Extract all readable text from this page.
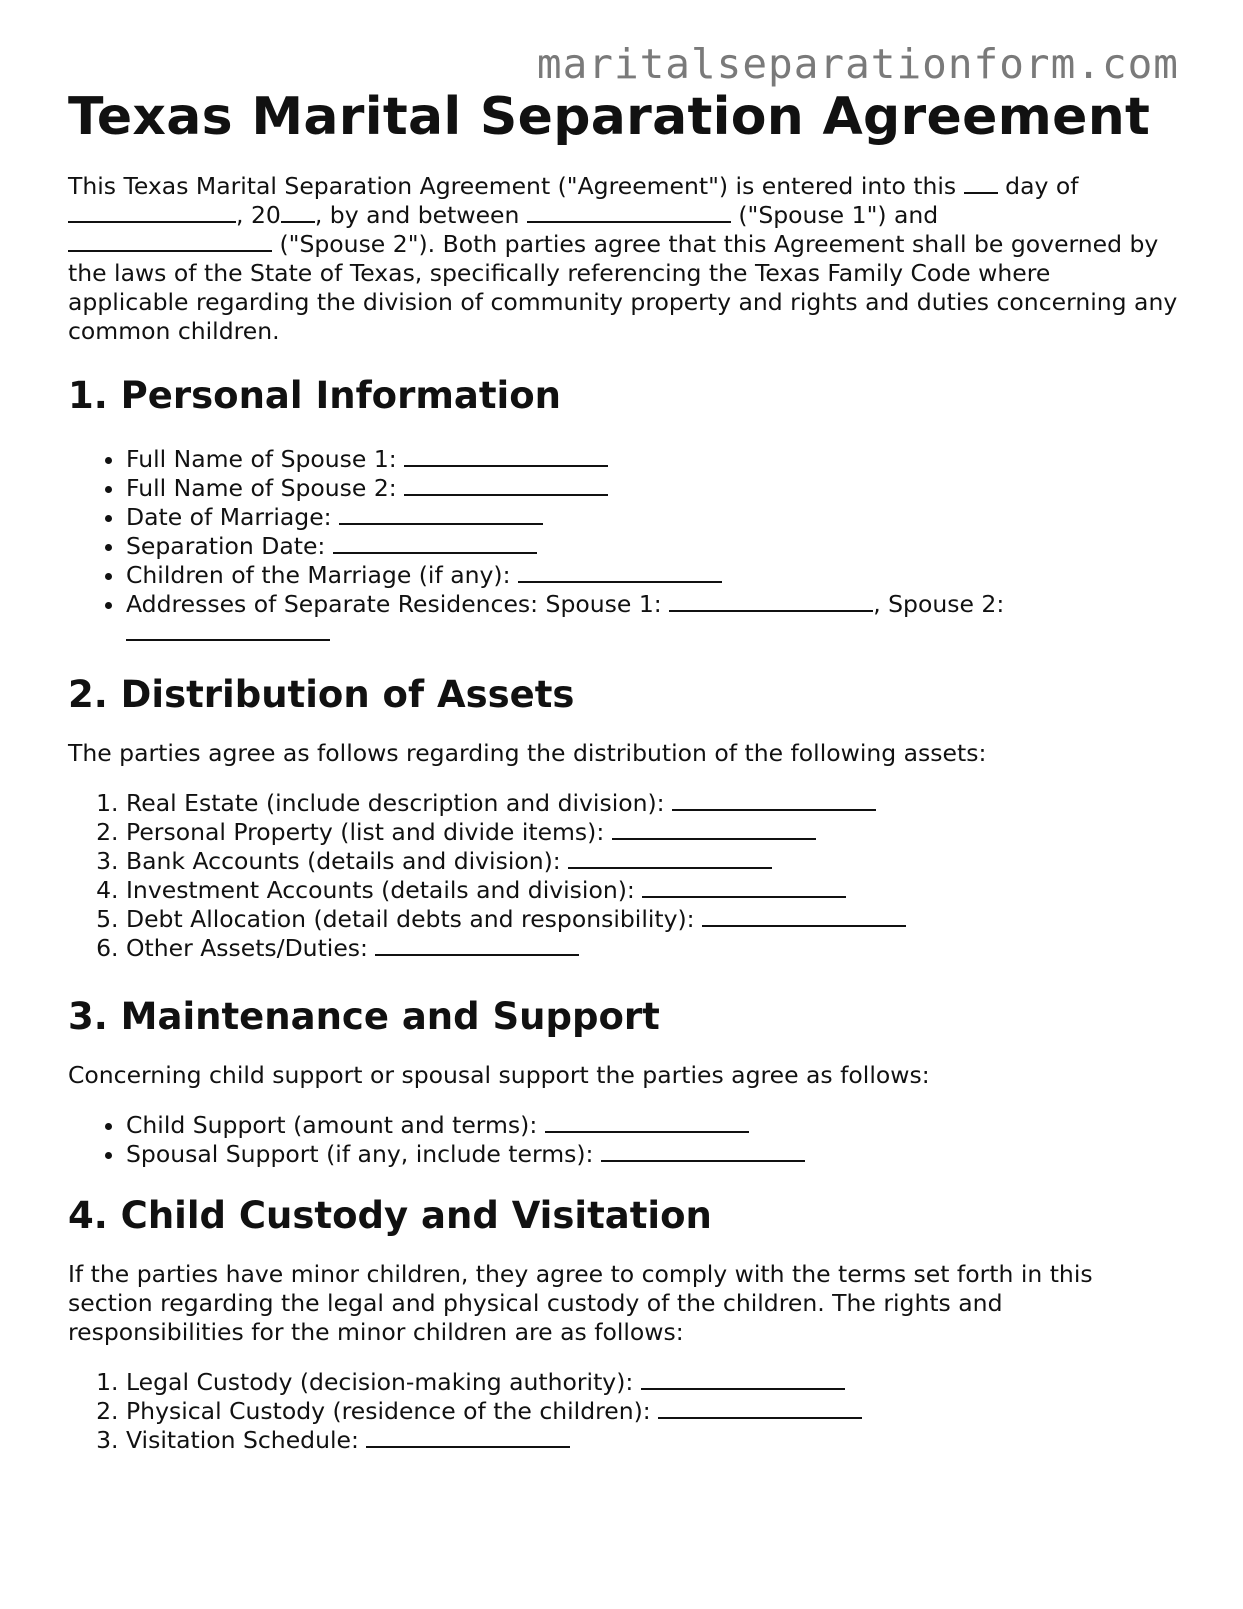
maritalseparationform.com
Texas Marital Separation Agreement

This Texas Marital Separation Agreement ("Agreement") is entered into this day of
, 20 , by and between	("Spouse 1") and
("Spouse 2"). Both parties agree that this Agreement shall be governed by the laws of the State of Texas, specifically referencing the Texas Family Code where applicable regarding the division of community property and rights and duties concerning any common children.

1. Personal Information
• Full Name of Spouse 1:
• Full Name of Spouse 2:
• Date of Marriage:
• Separation Date:
• Children of the Marriage (if any):
• Addresses of Separate Residences: Spouse 1:	, Spouse 2:

2. Distribution of Assets

The parties agree as follows regarding the distribution of the following assets:

1. Real Estate (include description and division):
2. Personal Property (list and divide items):
3. Bank Accounts (details and division):
4. Investment Accounts (details and division):
5. Debt Allocation (detail debts and responsibility):
6. Other Assets/Duties:
3. Maintenance and Support

Concerning child support or spousal support the parties agree as follows:

• Child Support (amount and terms):
• Spousal Support (if any, include terms):
4. Child Custody and Visitation

If the parties have minor children, they agree to comply with the terms set forth in this section regarding the legal and physical custody of the children. The rights and responsibilities for the minor children are as follows:

1. Legal Custody (decision-making authority):
2. Physical Custody (residence of the children):
3. Visitation Schedule:
